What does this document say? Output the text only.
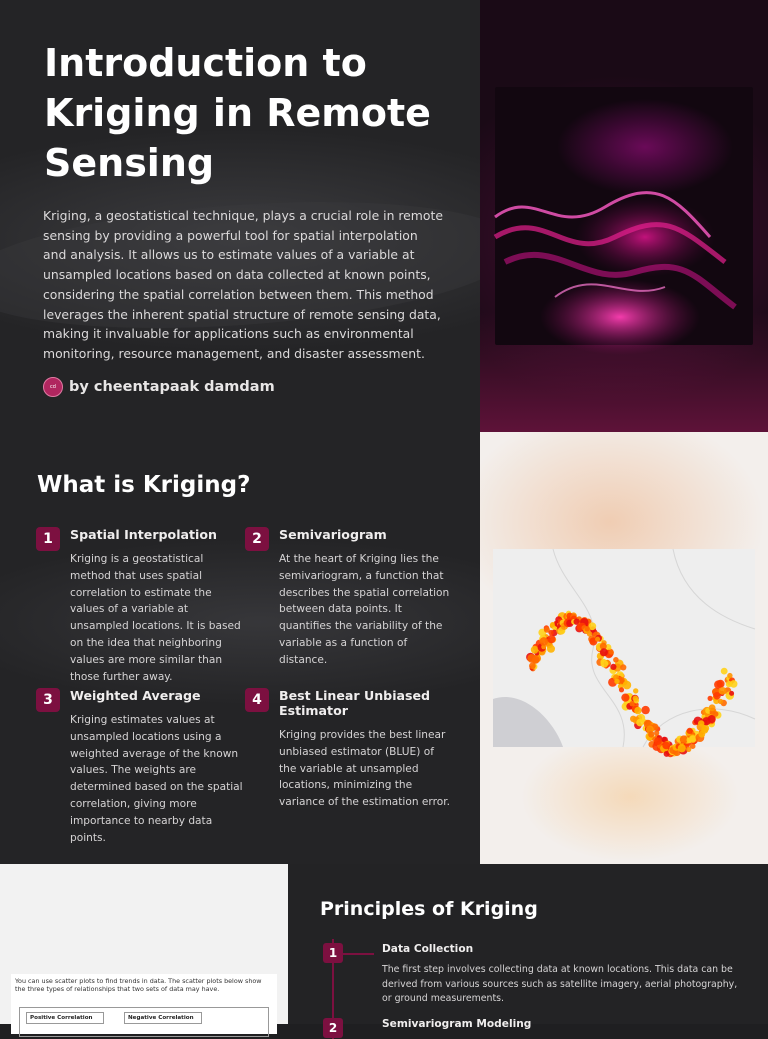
Introduction to Kriging in Remote Sensing

Kriging, a geostatistical technique, plays a crucial role in remote sensing by providing a powerful tool for spatial interpolation and analysis. It allows us to estimate values of a variable at unsampled locations based on data collected at known points, considering the spatial correlation between them. This method leverages the inherent spatial structure of remote sensing data, making it invaluable for applications such as environmental monitoring, resource management, and disaster assessment.

cd by cheentapaak damdam
What is Kriging?
1	Spatial Interpolation

Kriging is a geostatistical method that uses spatial correlation to estimate the values of a variable at unsampled locations. It is based on the idea that neighboring values are more similar than those further away.

2	Semivariogram

At the heart of Kriging lies the semivariogram, a function that describes the spatial correlation between data points. It quantifies the variability of the variable as a function of distance.

3	Weighted Average

Kriging estimates values at unsampled locations using a weighted average of the known values. The weights are determined based on the spatial correlation, giving more importance to nearby data points.

4	Best Linear Unbiased Estimator

Kriging provides the best linear unbiased estimator (BLUE) of the variable at unsampled locations, minimizing the variance of the estimation error.

You can use scatter plots to find trends in data. The scatter plots below show the three types of relationships that two sets of data may have.

Positive Correlation	Negative Correlation
Principles of Kriging
1	Data Collection

The first step involves collecting data at known locations. This data can be derived from various sources such as satellite imagery, aerial photography, or ground measurements.

2	Semivariogram Modeling
